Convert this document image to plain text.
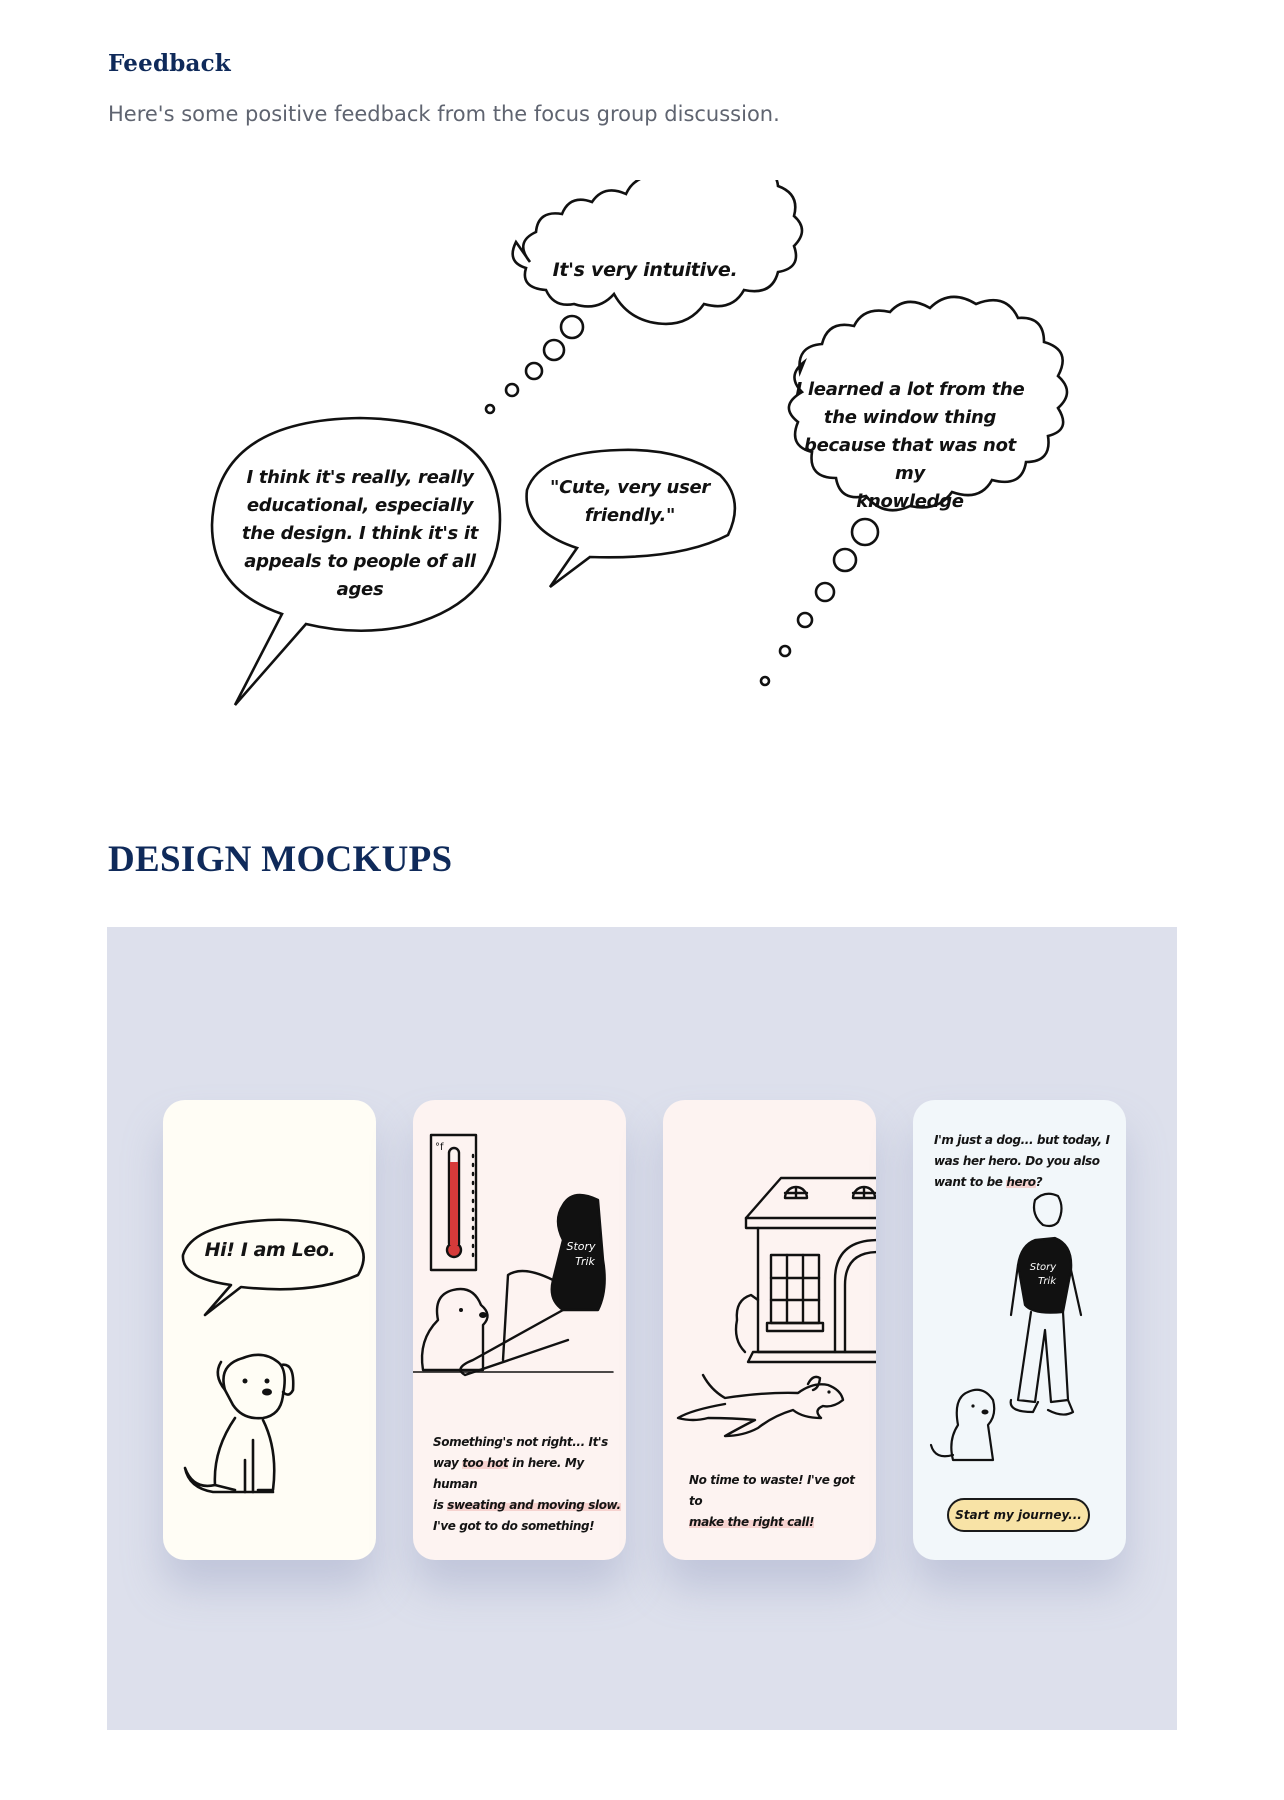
Feedback

Here's some positive feedback from the focus group discussion.

It's very intuitive.
I learned a lot from the
the window thing
because that was not my
knowledge
I think it's really, really
educational, especially
the design. I think it's it
appeals to people of all
ages
"Cute, very user
friendly."
DESIGN MOCKUPS
Hi! I am Leo.	Story
Trik
°f
Something's not right... It's
way too hot in here. My human
is sweating and moving slow.
I've got to do something!
No time to waste! I've got to
make the right call!
Story
Trik
I'm just a dog... but today, I
was her hero. Do you also
want to be hero?
Start my journey...
